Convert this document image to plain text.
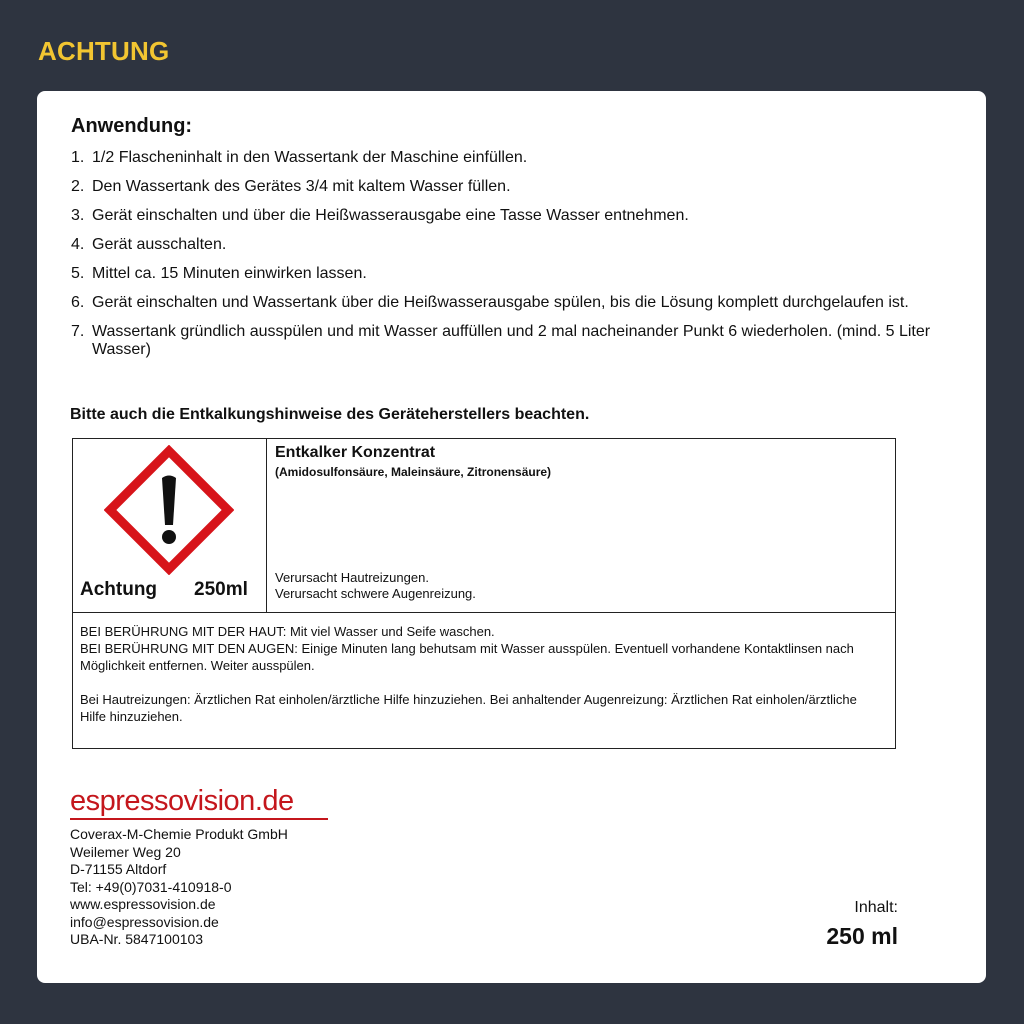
ACHTUNG
Anwendung:
1. 1/2 Flascheninhalt in den Wassertank der Maschine einfüllen.
2. Den Wassertank des Gerätes 3/4 mit kaltem Wasser füllen.
3. Gerät einschalten und über die Heißwasserausgabe eine Tasse Wasser entnehmen.
4. Gerät ausschalten.
5. Mittel ca. 15 Minuten einwirken lassen.
6. Gerät einschalten und Wassertank über die Heißwasserausgabe spülen, bis die Lösung komplett durchgelaufen ist.
7. Wassertank gründlich ausspülen und mit Wasser auffüllen und 2 mal nacheinander Punkt 6 wiederholen. (mind. 5 Liter Wasser)
Bitte auch die Entkalkungshinweise des Geräteherstellers beachten.
Achtung 250ml
Entkalker Konzentrat
(Amidosulfonsäure, Maleinsäure, Zitronensäure)
Verursacht Hautreizungen.
Verursacht schwere Augenreizung.
BEI BERÜHRUNG MIT DER HAUT: Mit viel Wasser und Seife waschen.
BEI BERÜHRUNG MIT DEN AUGEN: Einige Minuten lang behutsam mit Wasser ausspülen. Eventuell vorhandene Kontaktlinsen nach Möglichkeit entfernen. Weiter ausspülen.
Bei Hautreizungen: Ärztlichen Rat einholen/ärztliche Hilfe hinzuziehen. Bei anhaltender Augenreizung: Ärztlichen Rat einholen/ärztliche Hilfe hinzuziehen.
espressovision.de
Coverax-M-Chemie Produkt GmbH
Weilemer Weg 20
D-71155 Altdorf
Tel: +49(0)7031-410918-0
www.espressovision.de
info@espressovision.de
UBA-Nr. 5847100103
Inhalt:
250 ml
